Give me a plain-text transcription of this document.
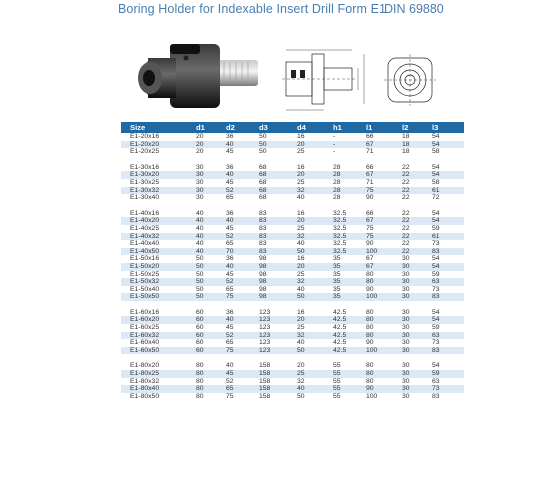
Boring Holder for Indexable Insert Drill Form E1
DIN 69880
Size	d1	d2	d3	d4	h1	l1	l2	l3
E1-20x16	20	36	50	16	-	66	18	54
E1-20x20	20	40	50	20	-	67	18	54
E1-20x25	20	45	50	25	-	71	18	58

E1-30x16	30	36	68	16	28	66	22	54
E1-30x20	30	40	68	20	28	67	22	54
E1-30x25	30	45	68	25	28	71	22	58
E1-30x32	30	52	68	32	28	75	22	61
E1-30x40	30	65	68	40	28	90	22	72

E1-40x16	40	36	83	16	32.5	66	22	54
E1-40x20	40	40	83	20	32.5	67	22	54
E1-40x25	40	45	83	25	32.5	75	22	59
E1-40x32	40	52	83	32	32.5	75	22	61
E1-40x40	40	65	83	40	32.5	90	22	73
E1-40x50	40	70	83	50	32.5	100	22	83
E1-50x16	50	36	98	16	35	67	30	54
E1-50x20	50	40	98	20	35	67	30	54
E1-50x25	50	45	98	25	35	80	30	59
E1-50x32	50	52	98	32	35	80	30	63
E1-50x40	50	65	98	40	35	90	30	73
E1-50x50	50	75	98	50	35	100	30	83

E1-60x16	60	36	123	16	42.5	80	30	54
E1-60x20	60	40	123	20	42.5	80	30	54
E1-60x25	60	45	123	25	42.5	80	30	59
E1-60x32	60	52	123	32	42.5	80	30	63
E1-60x40	60	65	123	40	42.5	90	30	73
E1-60x50	60	75	123	50	42.5	100	30	83

E1-80x20	80	40	158	20	55	80	30	54
E1-80x25	80	45	158	25	55	80	30	59
E1-80x32	80	52	158	32	55	80	30	63
E1-80x40	80	65	158	40	55	90	30	73
E1-80x50	80	75	158	50	55	100	30	83
